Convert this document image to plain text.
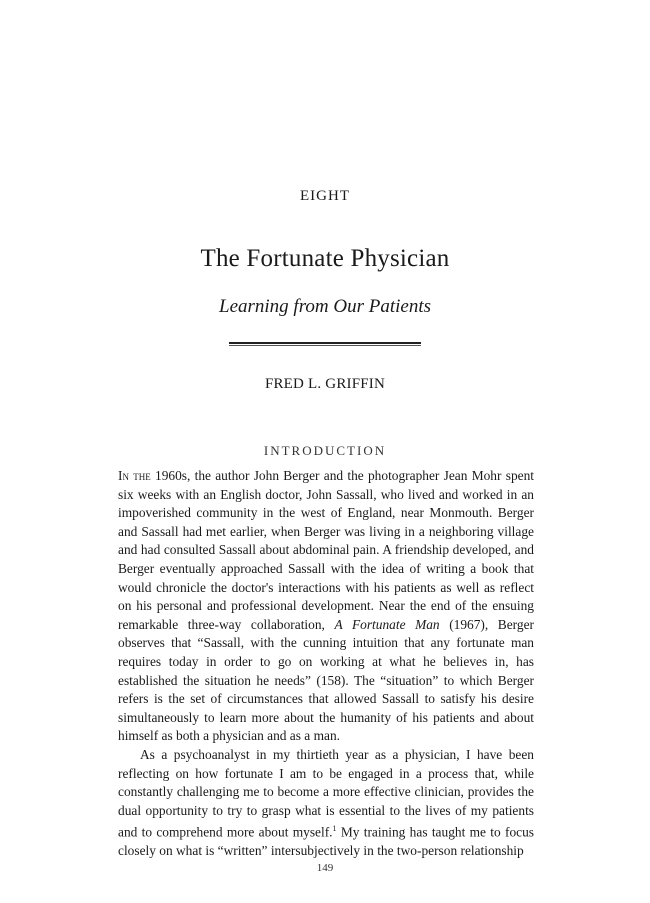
EIGHT
The Fortunate Physician
Learning from Our Patients
FRED L. GRIFFIN
INTRODUCTION

In the 1960s, the author John Berger and the photographer Jean Mohr spent six weeks with an English doctor, John Sassall, who lived and worked in an impoverished community in the west of England, near Monmouth. Berger and Sassall had met earlier, when Berger was living in a neighboring village and had consulted Sassall about abdominal pain. A friendship developed, and Berger eventually approached Sassall with the idea of writing a book that would chronicle the doctor's interactions with his patients as well as reflect on his personal and professional development. Near the end of the ensuing remarkable three-way collaboration, A Fortunate Man (1967), Berger observes that “Sassall, with the cunning intuition that any fortunate man requires today in order to go on working at what he believes in, has established the situation he needs” (158). The “situation” to which Berger refers is the set of circumstances that allowed Sassall to satisfy his desire simultaneously to learn more about the humanity of his patients and about himself as both a physician and as a man.

As a psychoanalyst in my thirtieth year as a physician, I have been reflecting on how fortunate I am to be engaged in a process that, while constantly challenging me to become a more effective clinician, provides the dual opportunity to try to grasp what is essential to the lives of my patients and to comprehend more about myself.$^1$ My training has taught me to focus closely on what is “written” intersubjectively in the two-person relationship

149
